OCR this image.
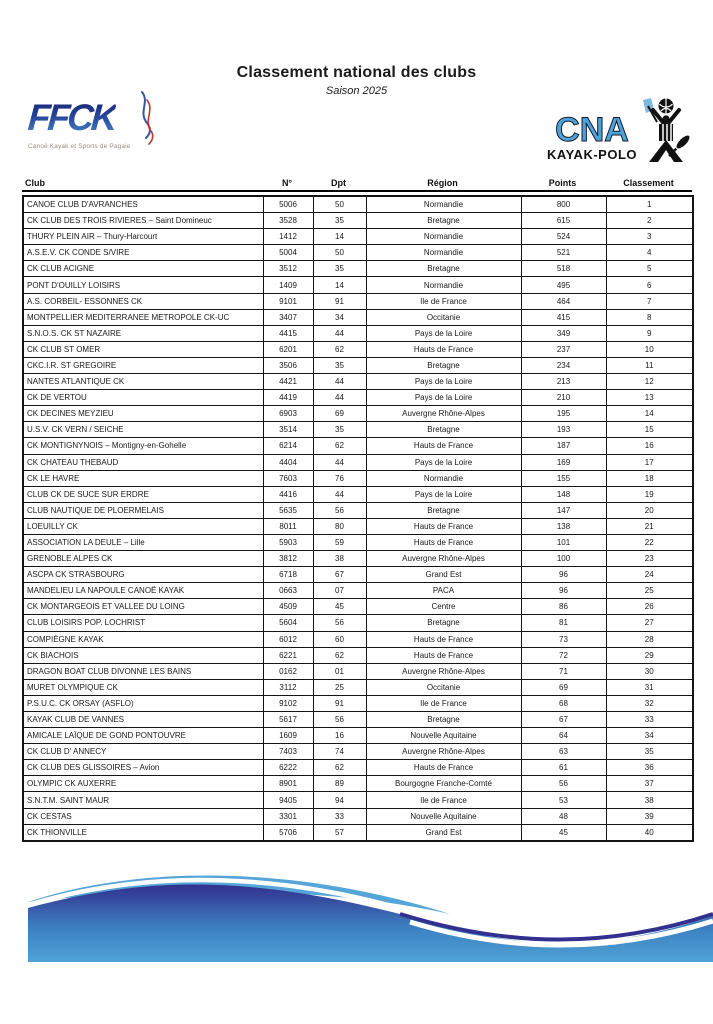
Classement national des clubs
Saison 2025
FFCK
Canoë Kayak et Sports de Pagaie	CNA
KAYAK-POLO
Club	N°	Dpt	Région	Points	Classement
CANOE CLUB D'AVRANCHES	5006	50	Normandie	800	1
CK CLUB DES TROIS RIVIERES – Saint Domineuc	3528	35	Bretagne	615	2
THURY PLEIN AIR – Thury-Harcourt	1412	14	Normandie	524	3
A.S.E.V. CK CONDE S/VIRE	5004	50	Normandie	521	4
CK CLUB ACIGNE	3512	35	Bretagne	518	5
PONT D'OUILLY LOISIRS	1409	14	Normandie	495	6
A.S. CORBEIL- ESSONNES CK	9101	91	Ile de France	464	7
MONTPELLIER MEDITERRANEE METROPOLE CK-UC	3407	34	Occitanie	415	8
S.N.O.S. CK ST NAZAIRE	4415	44	Pays de la Loire	349	9
CK CLUB ST OMER	6201	62	Hauts de France	237	10
CKC.I.R. ST GREGOIRE	3506	35	Bretagne	234	11
NANTES ATLANTIQUE CK	4421	44	Pays de la Loire	213	12
CK DE VERTOU	4419	44	Pays de la Loire	210	13
CK DECINES MEYZIEU	6903	69	Auvergne Rhône-Alpes	195	14
U.S.V. CK VERN / SEICHE	3514	35	Bretagne	193	15
CK MONTIGNYNOIS – Montigny-en-Gohelle	6214	62	Hauts de France	187	16
CK CHATEAU THEBAUD	4404	44	Pays de la Loire	169	17
CK LE HAVRE	7603	76	Normandie	155	18
CLUB CK DE SUCE SUR ERDRE	4416	44	Pays de la Loire	148	19
CLUB NAUTIQUE DE PLOERMELAIS	5635	56	Bretagne	147	20
LOEUILLY CK	8011	80	Hauts de France	138	21
ASSOCIATION LA DEULE – Lille	5903	59	Hauts de France	101	22
GRENOBLE ALPES CK	3812	38	Auvergne Rhône-Alpes	100	23
ASCPA CK STRASBOURG	6718	67	Grand Est	96	24
MANDELIEU LA NAPOULE CANOË KAYAK	0663	07	PACA	96	25
CK MONTARGEOIS ET VALLEE DU LOING	4509	45	Centre	86	26
CLUB LOISIRS POP. LOCHRIST	5604	56	Bretagne	81	27
COMPIÈGNE KAYAK	6012	60	Hauts de France	73	28
CK BIACHOIS	6221	62	Hauts de France	72	29
DRAGON BOAT CLUB DIVONNE LES BAINS	0162	01	Auvergne Rhône-Alpes	71	30
MURET OLYMPIQUE CK	3112	25	Occitanie	69	31
P.S.U.C. CK ORSAY (ASFLO)	9102	91	Ile de France	68	32
KAYAK CLUB DE VANNES	5617	56	Bretagne	67	33
AMICALE LAÏQUE DE GOND PONTOUVRE	1609	16	Nouvelle Aquitaine	64	34
CK CLUB D' ANNECY	7403	74	Auvergne Rhône-Alpes	63	35
CK CLUB DES GLISSOIRES – Avion	6222	62	Hauts de France	61	36
OLYMPIC CK AUXERRE	8901	89	Bourgogne Franche-Comté	56	37
S.N.T.M. SAINT MAUR	9405	94	Ile de France	53	38
CK CESTAS	3301	33	Nouvelle Aquitaine	48	39
CK THIONVILLE	5706	57	Grand Est	45	40
